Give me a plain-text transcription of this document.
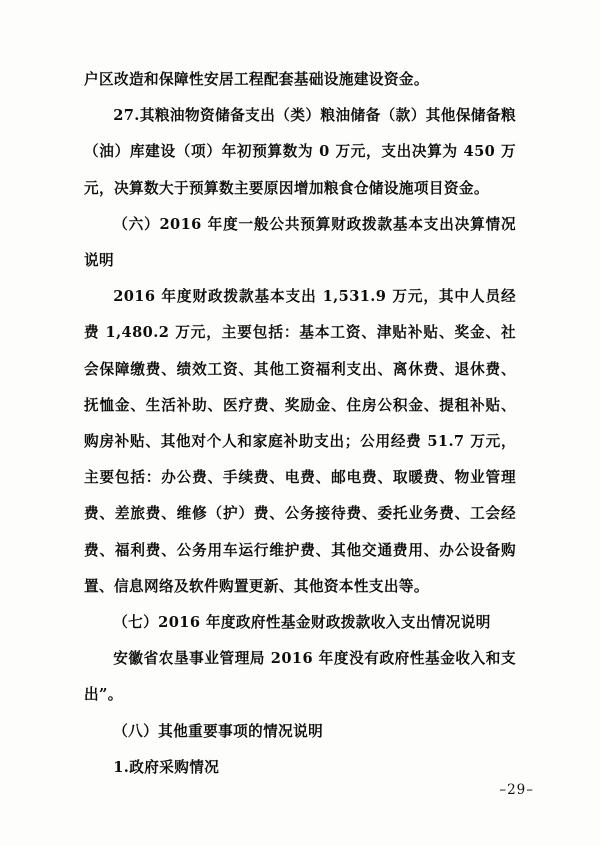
户区改造和保障性安居工程配套基础设施建设资金。

27.其粮油物资储备支出（类）粮油储备（款）其他保储备粮（油）库建设（项）年初预算数为 0 万元，支出决算为 450 万元，决算数大于预算数主要原因增加粮食仓储设施项目资金。

（六）2016 年度一般公共预算财政拨款基本支出决算情况说明

2016 年度财政拨款基本支出 1,531.9 万元，其中人员经费 1,480.2 万元，主要包括：基本工资、津贴补贴、奖金、社会保障缴费、绩效工资、其他工资福利支出、离休费、退休费、抚恤金、生活补助、医疗费、奖励金、住房公积金、提租补贴、购房补贴、其他对个人和家庭补助支出；公用经费 51.7 万元，主要包括：办公费、手续费、电费、邮电费、取暖费、物业管理费、差旅费、维修（护）费、公务接待费、委托业务费、工会经费、福利费、公务用车运行维护费、其他交通费用、办公设备购置、信息网络及软件购置更新、其他资本性支出等。

（七）2016 年度政府性基金财政拨款收入支出情况说明

安徽省农垦事业管理局 2016 年度没有政府性基金收入和支出”。

（八）其他重要事项的情况说明

1.政府采购情况

–29–
